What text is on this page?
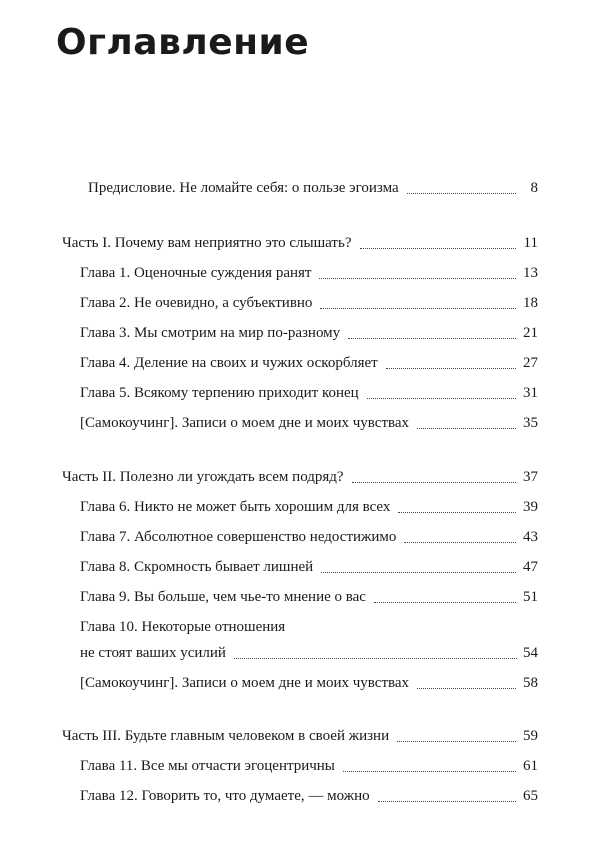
Оглавление
Предисловие. Не ломайте себя: о пользе эгоизма	8
Часть I. Почему вам неприятно это слышать?	11
Глава 1. Оценочные суждения ранят	13
Глава 2. Не очевидно, а субъективно	18
Глава 3. Мы смотрим на мир по-разному	21
Глава 4. Деление на своих и чужих оскорбляет	27
Глава 5. Всякому терпению приходит конец	31
[Самокоучинг]. Записи о моем дне и моих чувствах	35
Часть II. Полезно ли угождать всем подряд?	37
Глава 6. Никто не может быть хорошим для всех	39
Глава 7. Абсолютное совершенство недостижимо	43
Глава 8. Скромность бывает лишней	47
Глава 9. Вы больше, чем чье-то мнение о вас	51
Глава 10. Некоторые отношения
не стоят ваших усилий	54
[Самокоучинг]. Записи о моем дне и моих чувствах	58
Часть III. Будьте главным человеком в своей жизни	59
Глава 11. Все мы отчасти эгоцентричны	61
Глава 12. Говорить то, что думаете, — можно	65
